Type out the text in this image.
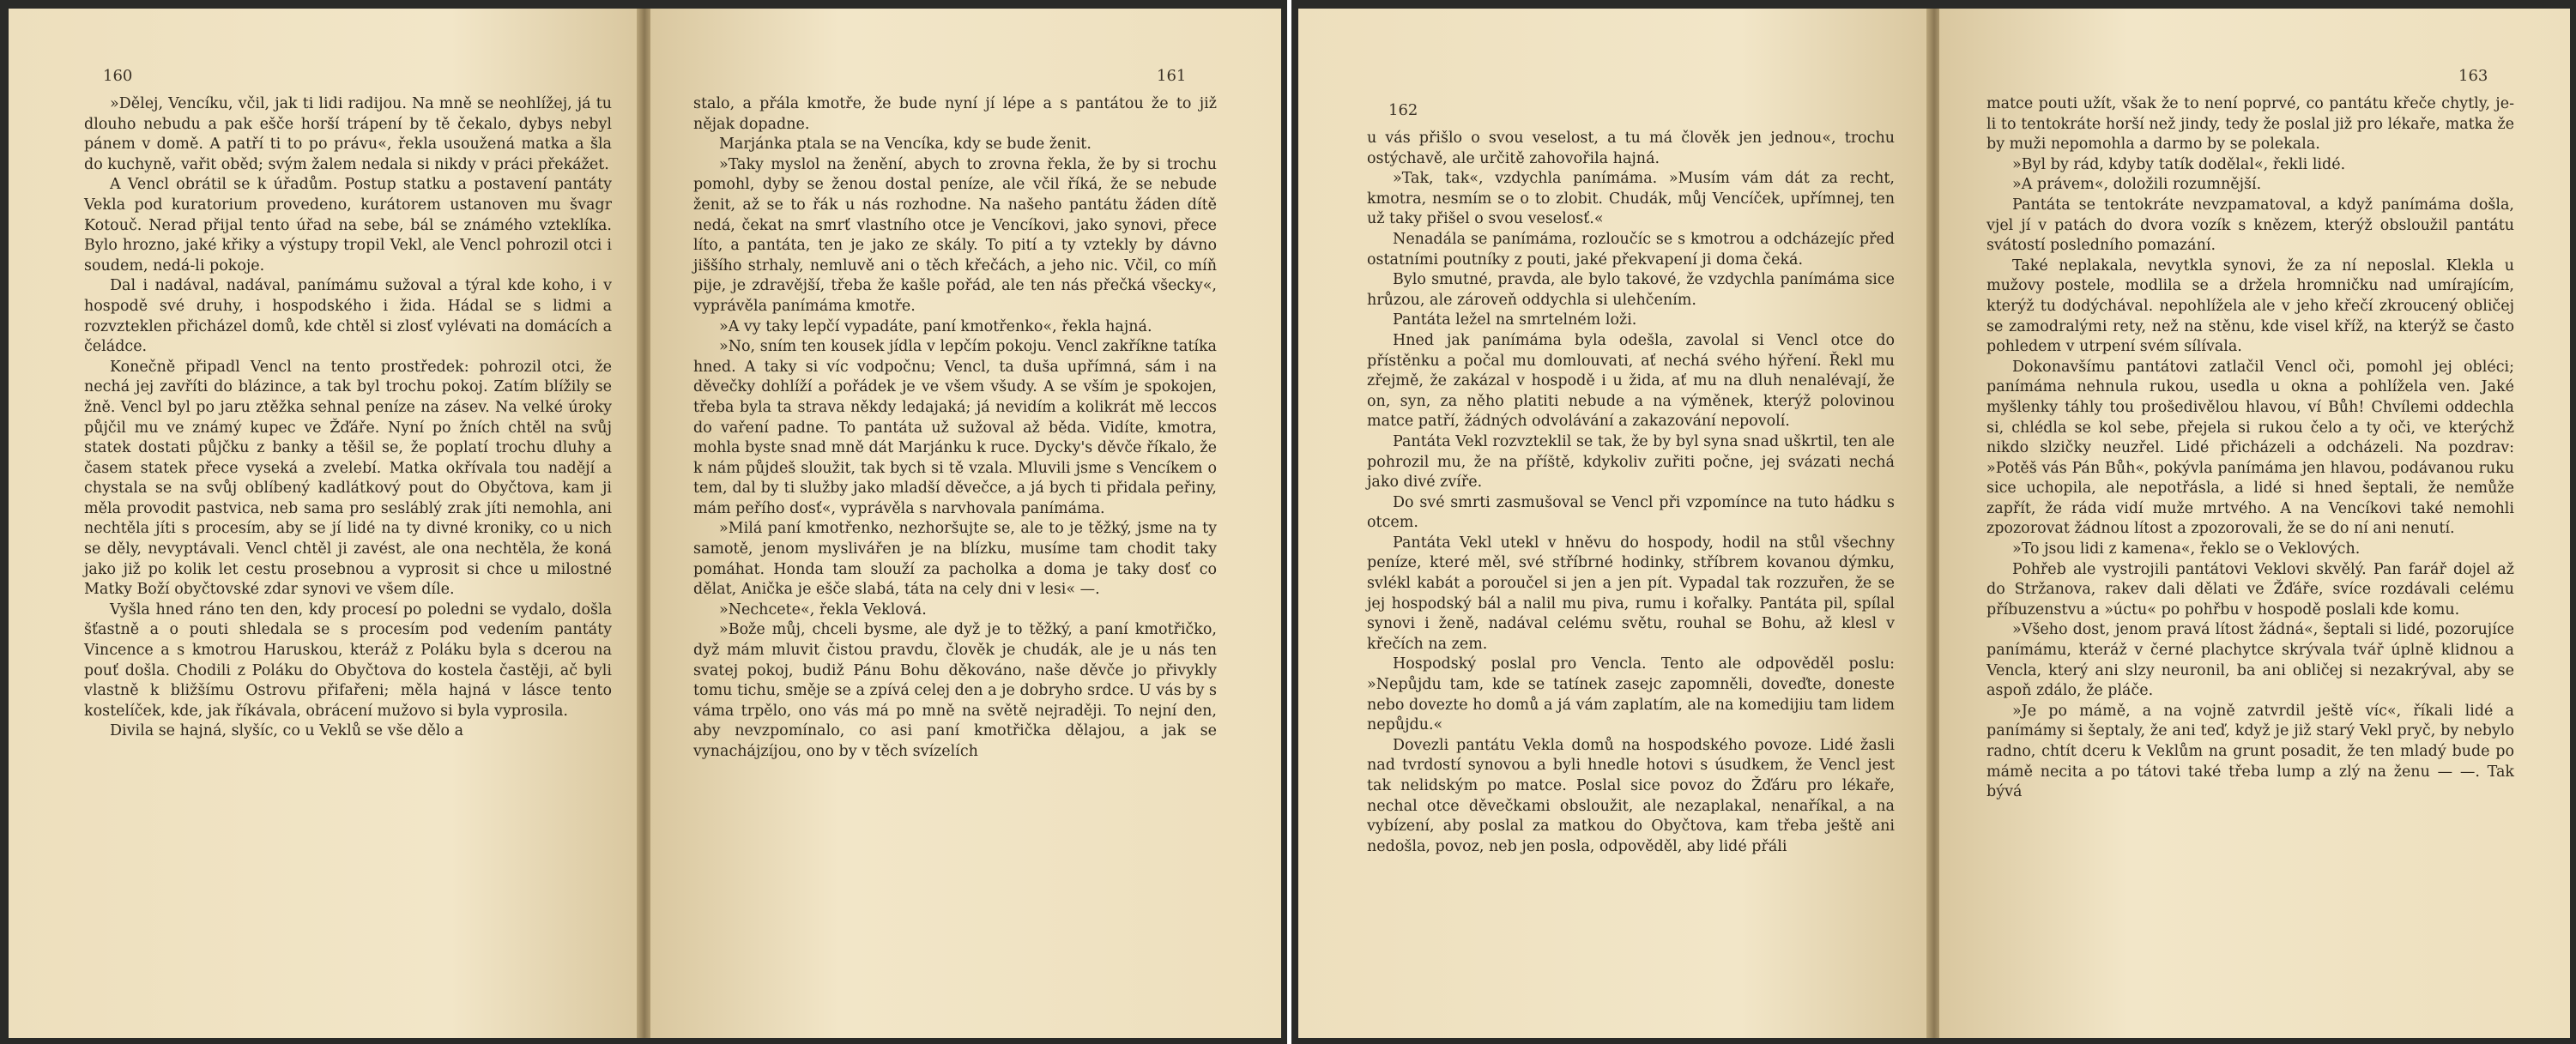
160

»Dělej, Vencíku, včil, jak ti lidi radijou. Na mně se neohlížej, já tu dlouho nebudu a pak ešče horší trápení by tě čekalo, dybys nebyl pánem v domě. A patří ti to po právu«, řekla usoužená matka a šla do kuchyně, vařit oběd; svým žalem nedala si nikdy v práci překážet.

A Vencl obrátil se k úřadům. Postup statku a postavení pantáty Vekla pod kuratorium provedeno, kurátorem ustanoven mu švagr Kotouč. Nerad přijal tento úřad na sebe, bál se známého vzteklíka. Bylo hrozno, jaké křiky a výstupy tropil Vekl, ale Vencl pohrozil otci i soudem, nedá-li pokoje.

Dal i nadával, nadával, panímámu sužoval a týral kde koho, i v hospodě své druhy, i hospodského i žida. Hádal se s lidmi a rozvzteklen přicházel domů, kde chtěl si zlosť vylévati na domácích a čeládce.

Konečně připadl Vencl na tento prostředek: pohrozil otci, že nechá jej zavříti do blázince, a tak byl trochu pokoj. Zatím blížily se žně. Vencl byl po jaru ztěžka sehnal peníze na zásev. Na velké úroky půjčil mu ve známý kupec ve Žďáře. Nyní po žních chtěl na svůj statek dostati půjčku z banky a těšil se, že poplatí trochu dluhy a časem statek přece vyseká a zvelebí. Matka okřívala tou nadějí a chystala se na svůj oblíbený kadlátkový pout do Obyčtova, kam ji měla provodit pastvica, neb sama pro sesláblý zrak jíti nemohla, ani nechtěla jíti s procesím, aby se jí lidé na ty divné kroniky, co u nich se děly, nevyptávali. Vencl chtěl ji zavést, ale ona nechtěla, že koná jako již po kolik let cestu prosebnou a vyprosit si chce u milostné Matky Boží obyčtovské zdar synovi ve všem díle.

Vyšla hned ráno ten den, kdy procesí po poledni se vydalo, došla šťastně a o pouti shledala se s procesím pod vedením pantáty Vincence a s kmotrou Haruskou, kteráž z Poláku byla s dcerou na pouť došla. Chodili z Poláku do Obyčtova do kostela častěji, ač byli vlastně k bližšímu Ostrovu přifařeni; měla hajná v lásce tento kostelíček, kde, jak říkávala, obrácení mužovo si byla vyprosila.

Divila se hajná, slyšíc, co u Veklů se vše dělo a

161

stalo, a přála kmotře, že bude nyní jí lépe a s pantátou že to již nějak dopadne.

Marjánka ptala se na Vencíka, kdy se bude ženit.

»Taky myslol na ženění, abych to zrovna řekla, že by si trochu pomohl, dyby se ženou dostal peníze, ale včil říká, že se nebude ženit, až se to řák u nás rozhodne. Na našeho pantátu žáden dítě nedá, čekat na smrť vlastního otce je Vencíkovi, jako synovi, přece líto, a pantáta, ten je jako ze skály. To pití a ty vztekly by dávno jiššího strhaly, nemluvě ani o těch křečách, a jeho nic. Včil, co míň pije, je zdravější, třeba že kašle pořád, ale ten nás přečká všecky«, vyprávěla panímáma kmotře.

»A vy taky lepčí vypadáte, paní kmotřenko«, řekla hajná.

»No, sním ten kousek jídla v lepčím pokoju. Vencl zakříkne tatíka hned. A taky si víc vodpočnu; Vencl, ta duša upřímná, sám i na děvečky dohlíží a pořádek je ve všem všudy. A se vším je spokojen, třeba byla ta strava někdy ledajaká; já nevidím a kolikrát mě leccos do vaření padne. To pantáta už sužoval až běda. Vidíte, kmotra, mohla byste snad mně dát Marjánku k ruce. Dycky's děvče říkalo, že k nám půjdeš sloužit, tak bych si tě vzala. Mluvili jsme s Vencíkem o tem, dal by ti služby jako mladší děvečce, a já bych ti přidala peřiny, mám peřího dosť«, vyprávěla s narvhovala panímáma.

»Milá paní kmotřenko, nezhoršujte se, ale to je těžký, jsme na ty samotě, jenom myslivářen je na blízku, musíme tam chodit taky pomáhat. Honda tam slouží za pacholka a doma je taky dosť co dělat, Anička je ešče slabá, táta na cely dni v lesi« —.

»Nechcete«, řekla Veklová.

»Bože můj, chceli bysme, ale dyž je to těžký, a paní kmotřičko, dyž mám mluvit čistou pravdu, člověk je chudák, ale je u nás ten svatej pokoj, budiž Pánu Bohu děkováno, naše děvče jo přivykly tomu tichu, směje se a zpívá celej den a je dobryho srdce. U vás by s váma trpělo, ono vás má po mně na světě nejraději. To nejní den, aby nevzpomínalo, co asi paní kmotřička dělajou, a jak se vynachájzíjou, ono by v těch svízelích

162

u vás přišlo o svou veselost, a tu má člověk jen jednou«, trochu ostýchavě, ale určitě zahovořila hajná.

»Tak, tak«, vzdychla panímáma. »Musím vám dát za recht, kmotra, nesmím se o to zlobit. Chudák, můj Vencíček, upřímnej, ten už taky přišel o svou veselosť.«

Nenadála se panímáma, rozloučíc se s kmotrou a odcházejíc před ostatními poutníky z pouti, jaké překvapení ji doma čeká.

Bylo smutné, pravda, ale bylo takové, že vzdychla panímáma sice hrůzou, ale zároveň oddychla si ulehčením.

Pantáta ležel na smrtelném loži.

Hned jak panímáma byla odešla, zavolal si Vencl otce do přístěnku a počal mu domlouvati, ať nechá svého hýření. Řekl mu zřejmě, že zakázal v hospodě i u žida, ať mu na dluh nenalévají, že on, syn, za něho platiti nebude a na výměnek, kterýž polovinou matce patří, žádných odvolávání a zakazování nepovolí.

Pantáta Vekl rozvzteklil se tak, že by byl syna snad uškrtil, ten ale pohrozil mu, že na příště, kdykoliv zuřiti počne, jej svázati nechá jako divé zvíře.

Do své smrti zasmušoval se Vencl při vzpomínce na tuto hádku s otcem.

Pantáta Vekl utekl v hněvu do hospody, hodil na stůl všechny peníze, které měl, své stříbrné hodinky, stříbrem kovanou dýmku, svlékl kabát a poroučel si jen a jen pít. Vypadal tak rozzuřen, že se jej hospodský bál a nalil mu piva, rumu i kořalky. Pantáta pil, spílal synovi i ženě, nadával celému světu, rouhal se Bohu, až klesl v křečích na zem.

Hospodský poslal pro Vencla. Tento ale odpověděl poslu: »Nepůjdu tam, kde se tatínek zasejc zapomněli, doveďte, doneste nebo dovezte ho domů a já vám zaplatím, ale na komedijiu tam lidem nepůjdu.«

Dovezli pantátu Vekla domů na hospodského povoze. Lidé žasli nad tvrdostí synovou a byli hnedle hotovi s úsudkem, že Vencl jest tak nelidským po matce. Poslal sice povoz do Žďáru pro lékaře, nechal otce děvečkami obsloužit, ale nezaplakal, nenaříkal, a na vybízení, aby poslal za matkou do Obyčtova, kam třeba ještě ani nedošla, povoz, neb jen posla, odpověděl, aby lidé přáli

163

matce pouti užít, však že to není poprvé, co pantátu křeče chytly, je-li to tentokráte horší než jindy, tedy že poslal již pro lékaře, matka že by muži nepomohla a darmo by se polekala.

»Byl by rád, kdyby tatík dodělal«, řekli lidé.

»A právem«, doložili rozumnější.

Pantáta se tentokráte nevzpamatoval, a když panímáma došla, vjel jí v patách do dvora vozík s knězem, kterýž obsloužil pantátu svátostí posledního pomazání.

Také neplakala, nevytkla synovi, že za ní neposlal. Klekla u mužovy postele, modlila se a držela hromničku nad umírajícím, kterýž tu dodýchával. nepohlížela ale v jeho křečí zkroucený obličej se zamodralými rety, než na stěnu, kde visel kříž, na kterýž se často pohledem v utrpení svém sílívala.

Dokonavšímu pantátovi zatlačil Vencl oči, pomohl jej obléci; panímáma nehnula rukou, usedla u okna a pohlížela ven. Jaké myšlenky táhly tou prošedivělou hlavou, ví Bůh! Chvílemi oddechla si, chlédla se kol sebe, přejela si rukou čelo a ty oči, ve kterýchž nikdo slzičky neuzřel. Lidé přicházeli a odcházeli. Na pozdrav: »Potěš vás Pán Bůh«, pokývla panímáma jen hlavou, podávanou ruku sice uchopila, ale nepotřásla, a lidé si hned šeptali, že nemůže zapřít, že ráda vidí muže mrtvého. A na Vencíkovi také nemohli zpozorovat žádnou lítost a zpozorovali, že se do ní ani nenutí.

»To jsou lidi z kamena«, řeklo se o Veklových.

Pohřeb ale vystrojili pantátovi Veklovi skvělý. Pan farář dojel až do Stržanova, rakev dali dělati ve Žďáře, svíce rozdávali celému příbuzenstvu a »úctu« po pohřbu v hospodě poslali kde komu.

»Všeho dost, jenom pravá lítost žádná«, šeptali si lidé, pozorujíce panímámu, kteráž v černé plachytce skrývala tvář úplně klidnou a Vencla, který ani slzy neuronil, ba ani obličej si nezakrýval, aby se aspoň zdálo, že pláče.

»Je po mámě, a na vojně zatvrdil ještě víc«, říkali lidé a panímámy si šeptaly, že ani teď, když je již starý Vekl pryč, by nebylo radno, chtít dceru k Veklům na grunt posadit, že ten mladý bude po mámě necita a po tátovi také třeba lump a zlý na ženu — —. Tak bývá
